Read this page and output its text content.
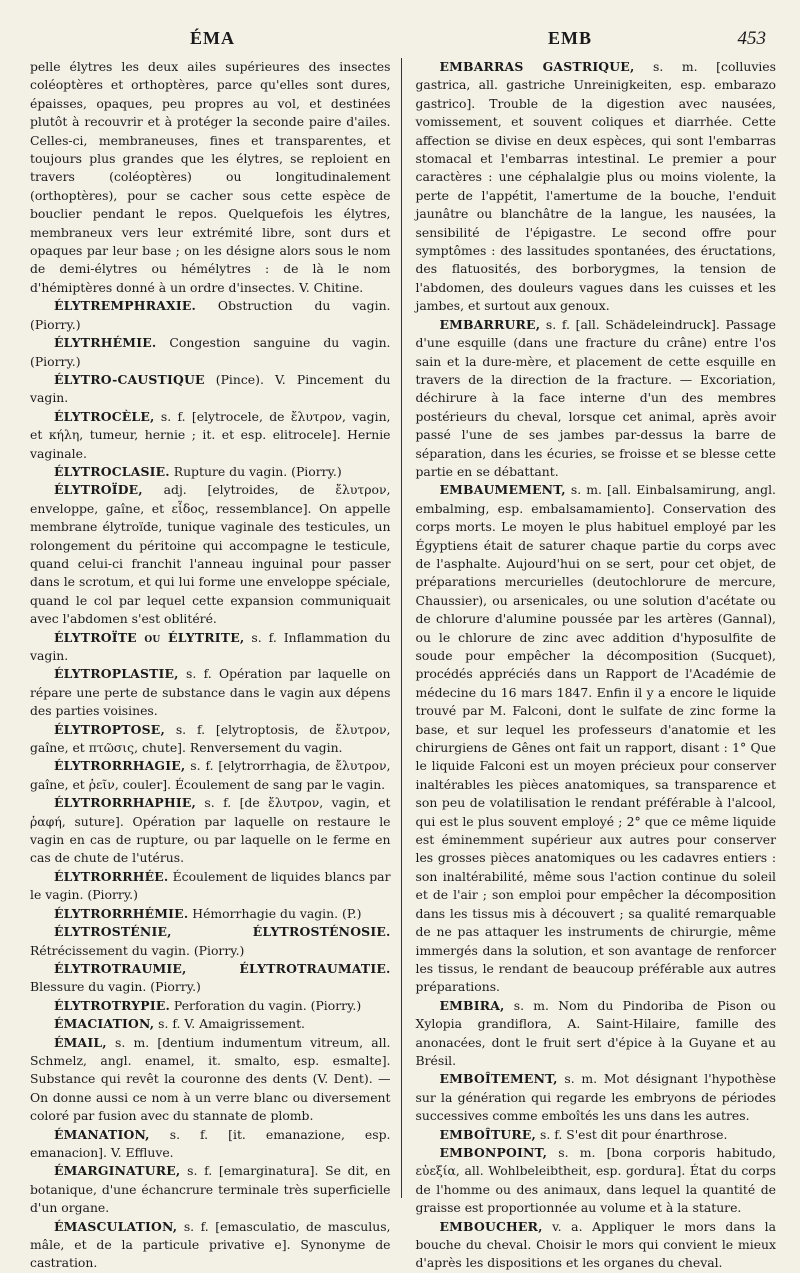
ÉMA	EMB	453

pelle élytres les deux ailes supérieures des insectes coléoptères et orthoptères, parce qu'elles sont dures, épaisses, opaques, peu propres au vol, et destinées plutôt à recouvrir et à protéger la seconde paire d'ailes. Celles-ci, membraneuses, fines et transparentes, et toujours plus grandes que les élytres, se reploient en travers (coléoptères) ou longitudinalement (orthoptères), pour se cacher sous cette espèce de bouclier pendant le repos. Quelquefois les élytres, membraneux vers leur extrémité libre, sont durs et opaques par leur base ; on les désigne alors sous le nom de demi-élytres ou hémélytres : de là le nom d'hémiptères donné à un ordre d'insectes. V. Chitine.

ÉLYTREMPHRAXIE. Obstruction du vagin. (Piorry.)

ÉLYTRHÉMIE. Congestion sanguine du vagin. (Piorry.)

ÉLYTRO-CAUSTIQUE (Pince). V. Pincement du vagin.

ÉLYTROCÈLE, s. f. [elytrocele, de ἔλυτρον, vagin, et κήλη, tumeur, hernie ; it. et esp. elitrocele]. Hernie vaginale.

ÉLYTROCLASIE. Rupture du vagin. (Piorry.)

ÉLYTROÏDE, adj. [elytroides, de ἔλυτρον, enveloppe, gaîne, et εἶδος, ressemblance]. On appelle membrane élytroïde, tunique vaginale des testicules, un rolongement du péritoine qui accompagne le testicule, quand celui-ci franchit l'anneau inguinal pour passer dans le scrotum, et qui lui forme une enveloppe spéciale, quand le col par lequel cette expansion communiquait avec l'abdomen s'est oblitéré.

ÉLYTROÏTE ou ÉLYTRITE, s. f. Inflammation du vagin.

ÉLYTROPLASTIE, s. f. Opération par laquelle on répare une perte de substance dans le vagin aux dépens des parties voisines.

ÉLYTROPTOSE, s. f. [elytroptosis, de ἔλυτρον, gaîne, et πτῶσις, chute]. Renversement du vagin.

ÉLYTRORRHAGIE, s. f. [elytrorrhagia, de ἔλυτρον, gaîne, et ῥεῖν, couler]. Écoulement de sang par le vagin.

ÉLYTRORRHAPHIE, s. f. [de ἔλυτρον, vagin, et ῥαφή, suture]. Opération par laquelle on restaure le vagin en cas de rupture, ou par laquelle on le ferme en cas de chute de l'utérus.

ÉLYTRORRHÉE. Écoulement de liquides blancs par le vagin. (Piorry.)

ÉLYTRORRHÉMIE. Hémorrhagie du vagin. (P.)

ÉLYTROSTÉNIE, ÉLYTROSTÉNOSIE. Rétrécissement du vagin. (Piorry.)

ÉLYTROTRAUMIE, ÉLYTROTRAUMATIE. Blessure du vagin. (Piorry.)

ÉLYTROTRYPIE. Perforation du vagin. (Piorry.)

ÉMACIATION, s. f. V. Amaigrissement.

ÉMAIL, s. m. [dentium indumentum vitreum, all. Schmelz, angl. enamel, it. smalto, esp. esmalte]. Substance qui revêt la couronne des dents (V. Dent). — On donne aussi ce nom à un verre blanc ou diversement coloré par fusion avec du stannate de plomb.

ÉMANATION, s. f. [it. emanazione, esp. emanacion]. V. Effluve.

ÉMARGINATURE, s. f. [emarginatura]. Se dit, en botanique, d'une échancrure terminale très superficielle d'un organe.

ÉMASCULATION, s. f. [emasculatio, de masculus, mâle, et de la particule privative e]. Synonyme de castration.

EMBARRAS GASTRIQUE, s. m. [colluvies gastrica, all. gastriche Unreinigkeiten, esp. embarazo gastrico]. Trouble de la digestion avec nausées, vomissement, et souvent coliques et diarrhée. Cette affection se divise en deux espèces, qui sont l'embarras stomacal et l'embarras intestinal. Le premier a pour caractères : une céphalalgie plus ou moins violente, la perte de l'appétit, l'amertume de la bouche, l'enduit jaunâtre ou blanchâtre de la langue, les nausées, la sensibilité de l'épigastre. Le second offre pour symptômes : des lassitudes spontanées, des éructations, des flatuosités, des borborygmes, la tension de l'abdomen, des douleurs vagues dans les cuisses et les jambes, et surtout aux genoux.

EMBARRURE, s. f. [all. Schädeleindruck]. Passage d'une esquille (dans une fracture du crâne) entre l'os sain et la dure-mère, et placement de cette esquille en travers de la direction de la fracture. — Excoriation, déchirure à la face interne d'un des membres postérieurs du cheval, lorsque cet animal, après avoir passé l'une de ses jambes par-dessus la barre de séparation, dans les écuries, se froisse et se blesse cette partie en se débattant.

EMBAUMEMENT, s. m. [all. Einbalsamirung, angl. embalming, esp. embalsamamiento]. Conservation des corps morts. Le moyen le plus habituel employé par les Égyptiens était de saturer chaque partie du corps avec de l'asphalte. Aujourd'hui on se sert, pour cet objet, de préparations mercurielles (deutochlorure de mercure, Chaussier), ou arsenicales, ou une solution d'acétate ou de chlorure d'alumine poussée par les artères (Gannal), ou le chlorure de zinc avec addition d'hyposulfite de soude pour empêcher la décomposition (Sucquet), procédés appréciés dans un Rapport de l'Académie de médecine du 16 mars 1847. Enfin il y a encore le liquide trouvé par M. Falconi, dont le sulfate de zinc forme la base, et sur lequel les professeurs d'anatomie et les chirurgiens de Gênes ont fait un rapport, disant : 1° Que le liquide Falconi est un moyen précieux pour conserver inaltérables les pièces anatomiques, sa transparence et son peu de volatilisation le rendant préférable à l'alcool, qui est le plus souvent employé ; 2° que ce même liquide est éminemment supérieur aux autres pour conserver les grosses pièces anatomiques ou les cadavres entiers : son inaltérabilité, même sous l'action continue du soleil et de l'air ; son emploi pour empêcher la décomposition dans les tissus mis à découvert ; sa qualité remarquable de ne pas attaquer les instruments de chirurgie, même immergés dans la solution, et son avantage de renforcer les tissus, le rendant de beaucoup préférable aux autres préparations.

EMBIRA, s. m. Nom du Pindoriba de Pison ou Xylopia grandiflora, A. Saint-Hilaire, famille des anonacées, dont le fruit sert d'épice à la Guyane et au Brésil.

EMBOÎTEMENT, s. m. Mot désignant l'hypothèse sur la génération qui regarde les embryons de périodes successives comme emboîtés les uns dans les autres.

EMBOÎTURE, s. f. S'est dit pour énarthrose.

EMBONPOINT, s. m. [bona corporis habitudo, εὐεξία, all. Wohlbeleibtheit, esp. gordura]. État du corps de l'homme ou des animaux, dans lequel la quantité de graisse est proportionnée au volume et à la stature.

EMBOUCHER, v. a. Appliquer le mors dans la bouche du cheval. Choisir le mors qui convient le mieux d'après les dispositions et les organes du cheval.
